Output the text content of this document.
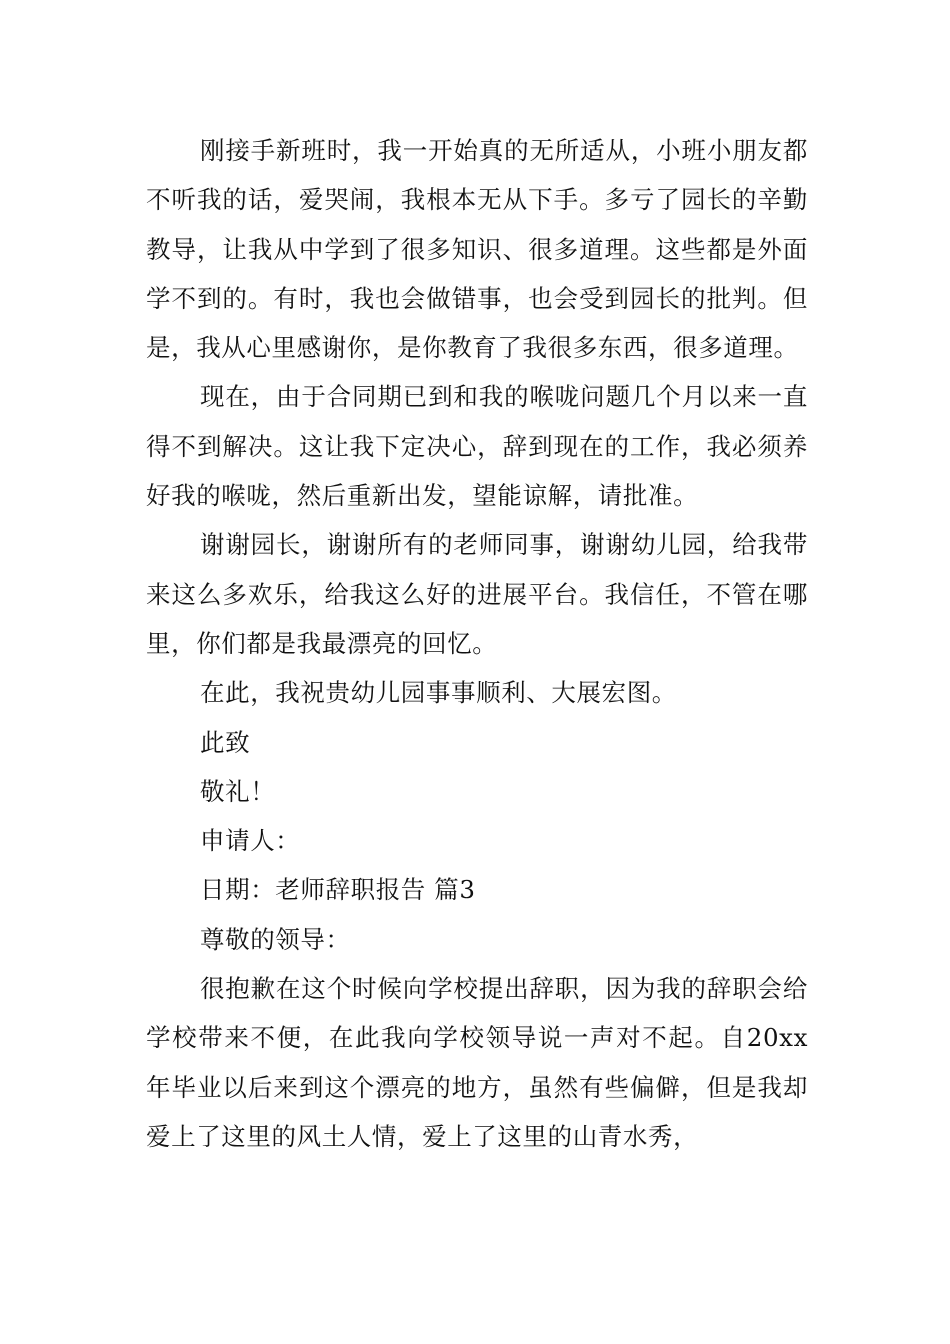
刚接手新班时，我一开始真的无所适从，小班小朋友都不听我的话，爱哭闹，我根本无从下手。多亏了园长的辛勤教导，让我从中学到了很多知识、很多道理。这些都是外面学不到的。有时，我也会做错事，也会受到园长的批判。但是，我从心里感谢你，是你教育了我很多东西，很多道理。

现在，由于合同期已到和我的喉咙问题几个月以来一直得不到解决。这让我下定决心，辞到现在的工作，我必须养好我的喉咙，然后重新出发，望能谅解，请批准。

谢谢园长，谢谢所有的老师同事，谢谢幼儿园，给我带来这么多欢乐，给我这么好的进展平台。我信任，不管在哪里，你们都是我最漂亮的回忆。

在此，我祝贵幼儿园事事顺利、大展宏图。

此致

敬礼！

申请人：

日期：老师辞职报告 篇3

尊敬的领导：

很抱歉在这个时候向学校提出辞职，因为我的辞职会给学校带来不便，在此我向学校领导说一声对不起。自20xx年毕业以后来到这个漂亮的地方，虽然有些偏僻，但是我却爱上了这里的风土人情，爱上了这里的山青水秀，
